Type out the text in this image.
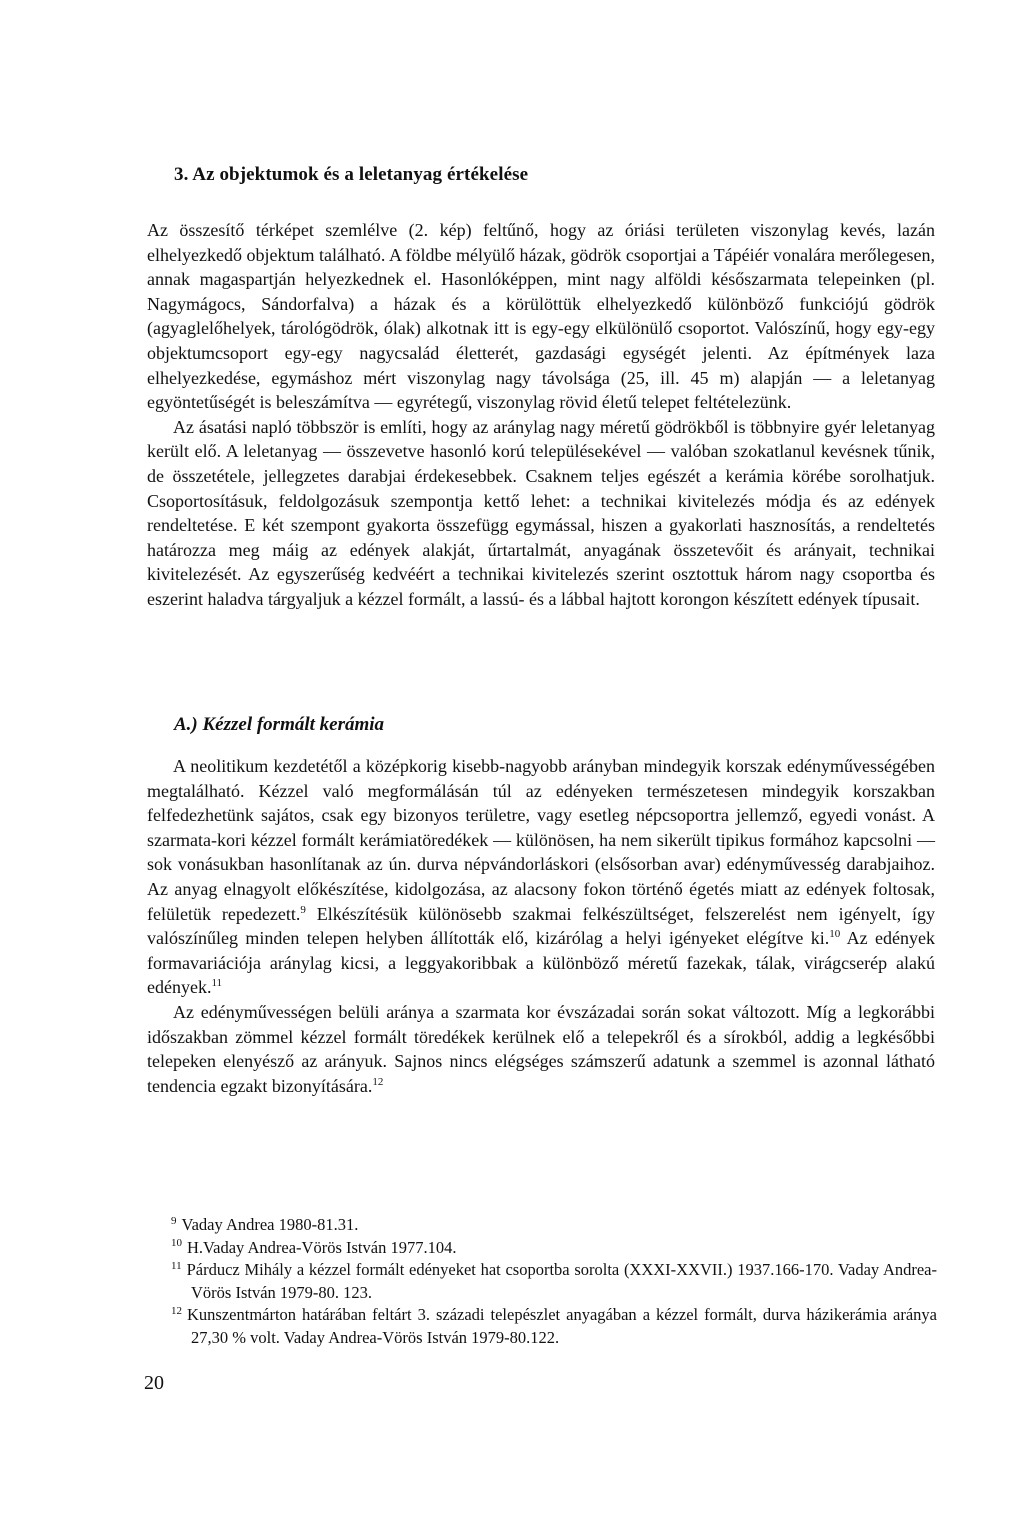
3. Az objektumok és a leletanyag értékelése

Az összesítő térképet szemlélve (2. kép) feltűnő, hogy az óriási területen viszonylag kevés, lazán elhelyezkedő objektum található. A földbe mélyülő házak, gödrök csoportjai a Tápéiér vonalára merőlegesen, annak magaspartján helyezkednek el. Hasonlóképpen, mint nagy alföldi későszarmata telepeinken (pl. Nagymágocs, Sándorfalva) a házak és a körülöttük elhelyezkedő különböző funkciójú gödrök (agyaglelőhelyek, tárológödrök, ólak) alkotnak itt is egy-egy elkülönülő csoportot. Valószínű, hogy egy-egy objektumcsoport egy-egy nagycsalád életterét, gazdasági egységét jelenti. Az építmények laza elhelyezkedése, egymáshoz mért viszonylag nagy távolsága (25, ill. 45 m) alapján — a leletanyag egyöntetűségét is beleszámítva — egyrétegű, viszonylag rövid életű telepet feltételezünk.

Az ásatási napló többször is említi, hogy az aránylag nagy méretű gödrökből is többnyire gyér leletanyag került elő. A leletanyag — összevetve hasonló korú településekével — valóban szokatlanul kevésnek tűnik, de összetétele, jellegzetes darabjai érdekesebbek. Csaknem teljes egészét a kerámia körébe sorolhatjuk. Csoportosításuk, feldolgozásuk szempontja kettő lehet: a technikai kivitelezés módja és az edények rendeltetése. E két szempont gyakorta összefügg egymással, hiszen a gyakorlati hasznosítás, a rendeltetés határozza meg máig az edények alakját, űrtartalmát, anyagának összetevőit és arányait, technikai kivitelezését. Az egyszerűség kedvéért a technikai kivitelezés szerint osztottuk három nagy csoportba és eszerint haladva tárgyaljuk a kézzel formált, a lassú- és a lábbal hajtott korongon készített edények típusait.

A.) Kézzel formált kerámia

A neolitikum kezdetétől a középkorig kisebb-nagyobb arányban mindegyik korszak edényművességében megtalálható. Kézzel való megformálásán túl az edényeken természetesen mindegyik korszakban felfedezhetünk sajátos, csak egy bizonyos területre, vagy esetleg népcsoportra jellemző, egyedi vonást. A szarmata-kori kézzel formált kerámiatöredékek — különösen, ha nem sikerült tipikus formához kapcsolni — sok vonásukban hasonlítanak az ún. durva népvándorláskori (elsősorban avar) edényművesség darabjaihoz. Az anyag elnagyolt előkészítése, kidolgozása, az alacsony fokon történő égetés miatt az edények foltosak, felületük repedezett.$^9$ Elkészítésük különösebb szakmai felkészültséget, felszerelést nem igényelt, így valószínűleg minden telepen helyben állították elő, kizárólag a helyi igényeket elégítve ki.$^{10}$ Az edények formavariációja aránylag kicsi, a leggyakoribbak a különböző méretű fazekak, tálak, virágcserép alakú edények.$^{11}$

Az edényművességen belüli aránya a szarmata kor évszázadai során sokat változott. Míg a legkorábbi időszakban zömmel kézzel formált töredékek kerülnek elő a telepekről és a sírokból, addig a legkésőbbi telepeken elenyésző az arányuk. Sajnos nincs elégséges számszerű adatunk a szemmel is azonnal látható tendencia egzakt bizonyítására.$^{12}$

$^9$ Vaday Andrea 1980-81.31.

$^{10}$ H.Vaday Andrea-Vörös István 1977.104.

$^{11}$ Párducz Mihály a kézzel formált edényeket hat csoportba sorolta (XXXI-XXVII.) 1937.166-170. Vaday Andrea-Vörös István 1979-80. 123.

$^{12}$ Kunszentmárton határában feltárt 3. századi telepészlet anyagában a kézzel formált, durva házikerámia aránya 27,30 % volt. Vaday Andrea-Vörös István 1979-80.122.

20
